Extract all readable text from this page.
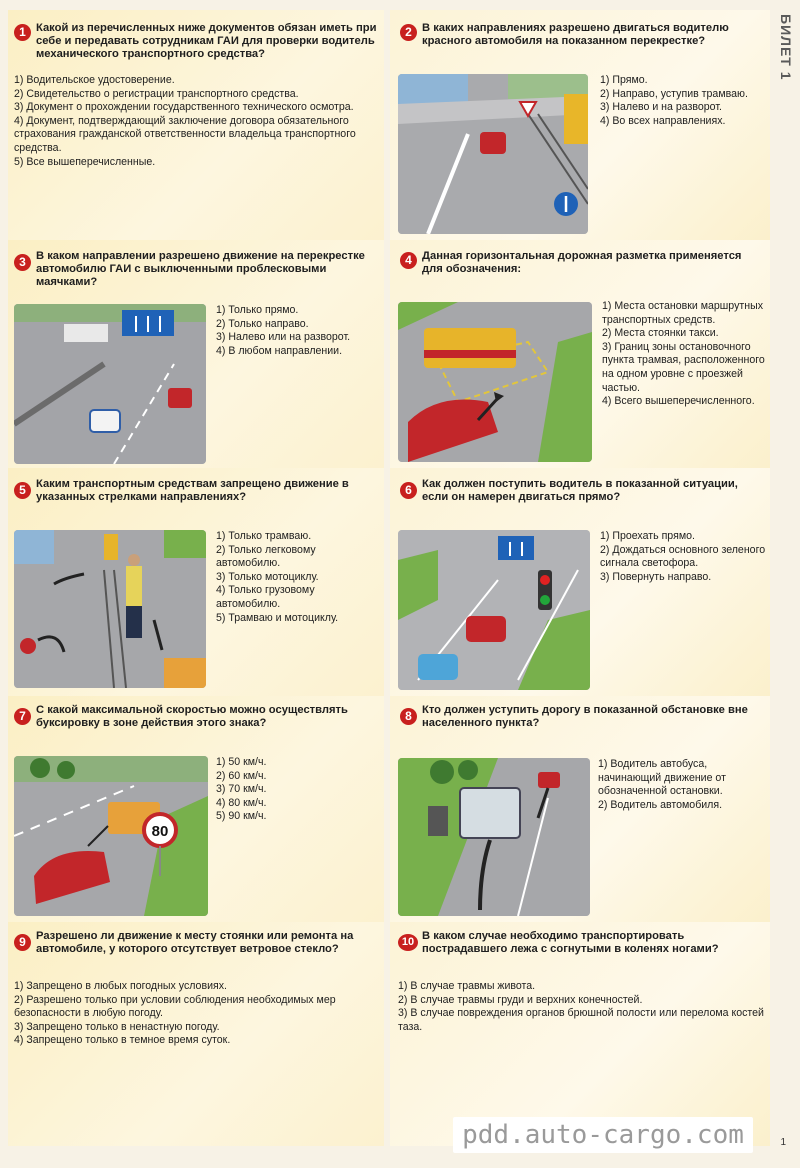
1 Какой из перечисленных ниже документов обязан иметь при себе и передавать сотрудникам ГАИ для проверки водитель механического транспортного средства?
1) Водительское удостоверение.
2) Свидетельство о регистрации транспортного средства.
3) Документ о прохождении государственного технического осмотра.
4) Документ, подтверждающий заключение договора обязательного страхования гражданской ответственности владельца транспортного средства.
5) Все вышеперечисленные.
2 В каких направлениях разрешено двигаться водителю красного автомобиля на показанном перекрестке?
1) Прямо.
2) Направо, уступив трамваю.
3) Налево и на разворот.
4) Во всех направлениях.
3 В каком направлении разрешено движение на перекрестке автомобилю ГАИ с выключенными проблесковыми маячками?
1) Только прямо.
2) Только направо.
3) Налево или на разворот.
4) В любом направлении.
4 Данная горизонтальная дорожная разметка применяется для обозначения:
1) Места остановки маршрутных транспортных средств.
2) Места стоянки такси.
3) Границ зоны остановочного пункта трамвая, расположенного на одном уровне с проезжей частью.
4) Всего вышеперечисленного.
5 Каким транспортным средствам запрещено движение в указанных стрелками направлениях?
1) Только трамваю.
2) Только легковому автомобилю.
3) Только мотоциклу.
4) Только грузовому автомобилю.
5) Трамваю и мотоциклу.
6 Как должен поступить водитель в показанной ситуации, если он намерен двигаться прямо?
1) Проехать прямо.
2) Дождаться основного зеленого сигнала светофора.
3) Повернуть направо.
7 С какой максимальной скоростью можно осуществлять буксировку в зоне действия этого знака?
80
1) 50 км/ч.
2) 60 км/ч.
3) 70 км/ч.
4) 80 км/ч.
5) 90 км/ч.
8 Кто должен уступить дорогу в показанной обстановке вне населенного пункта?
1) Водитель автобуса, начинающий движение от обозначенной остановки.
2) Водитель автомобиля.
9 Разрешено ли движение к месту стоянки или ремонта на автомобиле, у которого отсутствует ветровое стекло?
1) Запрещено в любых погодных условиях.
2) Разрешено только при условии соблюдения необходимых мер безопасности в любую погоду.
3) Запрещено только в ненастную погоду.
4) Запрещено только в темное время суток.
10 В каком случае необходимо транспортировать пострадавшего лежа с согнутыми в коленях ногами?
1) В случае травмы живота.
2) В случае травмы груди и верхних конечностей.
3) В случае повреждения органов брюшной полости или перелома костей таза.
БИЛЕТ 1
pdd.auto-cargo.com	1
